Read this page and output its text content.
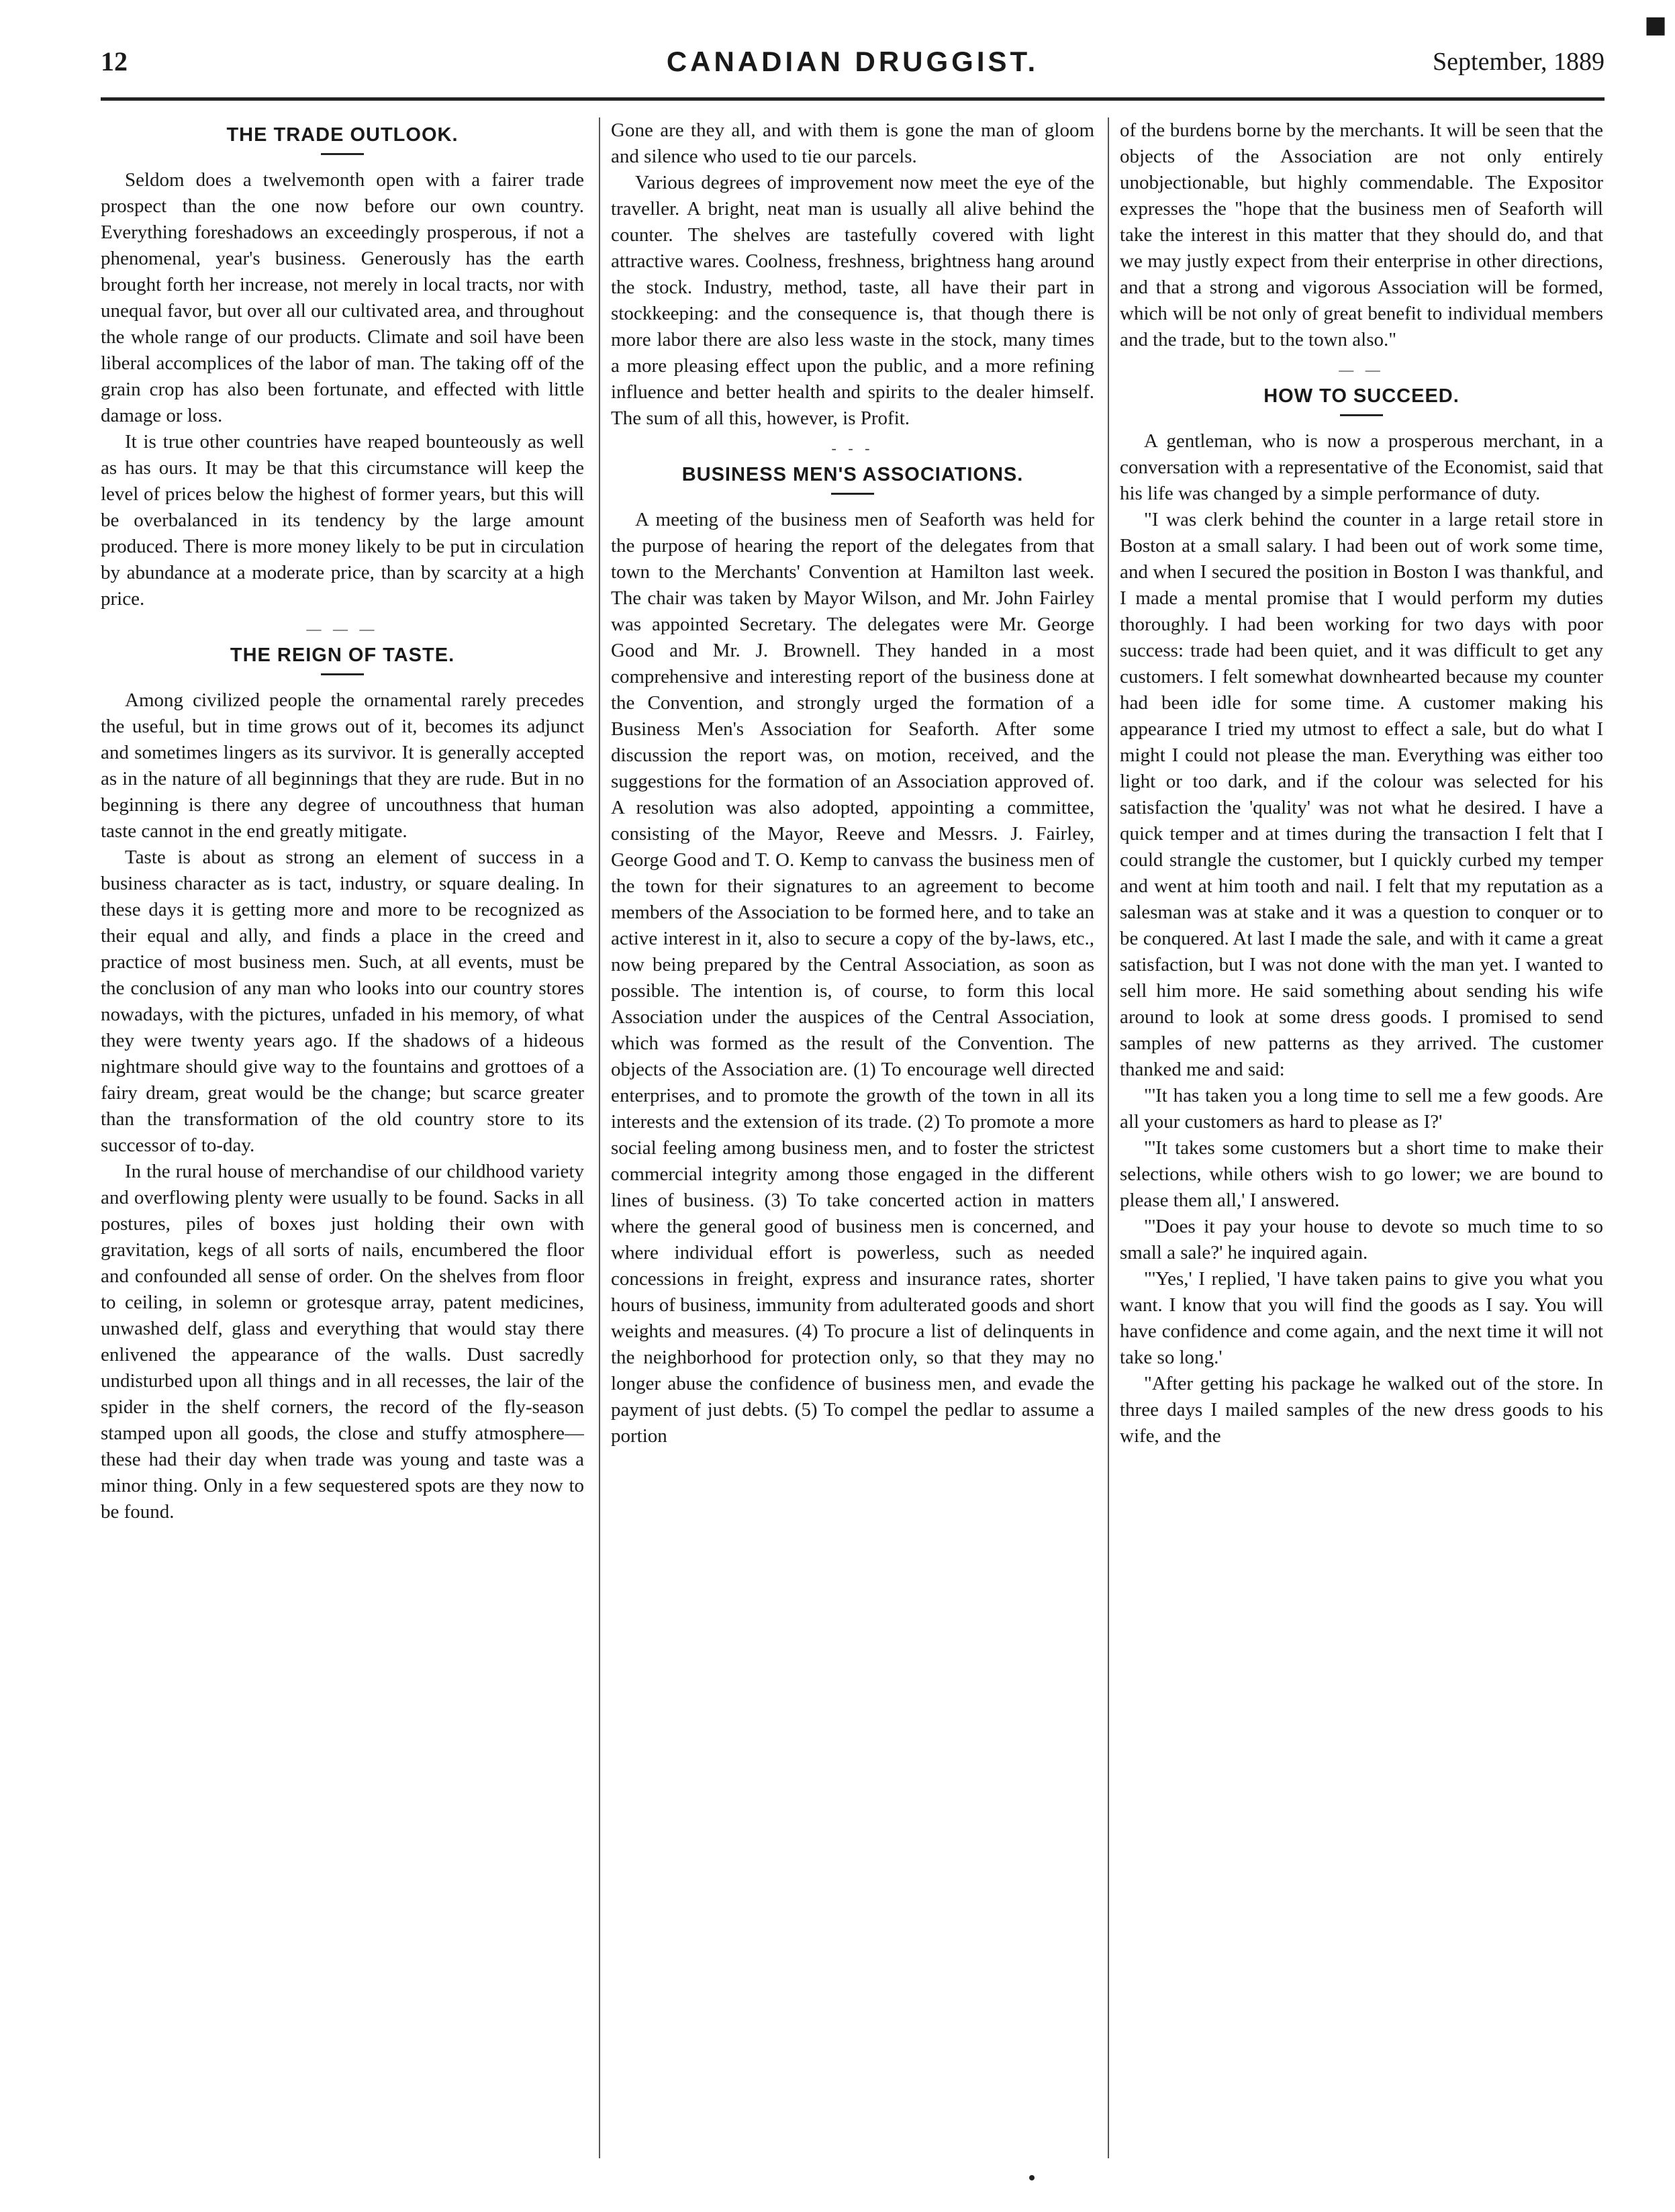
12	CANADIAN DRUGGIST.	September, 1889
■
THE TRADE OUTLOOK.

Seldom does a twelvemonth open with a fairer trade prospect than the one now before our own country. Everything foreshadows an exceedingly prosperous, if not a phenomenal, year's business. Generously has the earth brought forth her increase, not merely in local tracts, nor with unequal favor, but over all our cultivated area, and throughout the whole range of our products. Climate and soil have been liberal accomplices of the labor of man. The taking off of the grain crop has also been fortunate, and effected with little damage or loss.

It is true other countries have reaped bounteously as well as has ours. It may be that this circumstance will keep the level of prices below the highest of former years, but this will be overbalanced in its tendency by the large amount produced. There is more money likely to be put in circulation by abundance at a moderate price, than by scarcity at a high price.

— — —
THE REIGN OF TASTE.

Among civilized people the ornamental rarely precedes the useful, but in time grows out of it, becomes its adjunct and sometimes lingers as its survivor. It is generally accepted as in the nature of all beginnings that they are rude. But in no beginning is there any degree of uncouthness that human taste cannot in the end greatly mitigate.

Taste is about as strong an element of success in a business character as is tact, industry, or square dealing. In these days it is getting more and more to be recognized as their equal and ally, and finds a place in the creed and practice of most business men. Such, at all events, must be the conclusion of any man who looks into our country stores nowadays, with the pictures, unfaded in his memory, of what they were twenty years ago. If the shadows of a hideous nightmare should give way to the fountains and grottoes of a fairy dream, great would be the change; but scarce greater than the transformation of the old country store to its successor of to-day.

In the rural house of merchandise of our childhood variety and overflowing plenty were usually to be found. Sacks in all postures, piles of boxes just holding their own with gravitation, kegs of all sorts of nails, encumbered the floor and confounded all sense of order. On the shelves from floor to ceiling, in solemn or grotesque array, patent medicines, unwashed delf, glass and everything that would stay there enlivened the appearance of the walls. Dust sacredly undisturbed upon all things and in all recesses, the lair of the spider in the shelf corners, the record of the fly-season stamped upon all goods, the close and stuffy atmosphere—these had their day when trade was young and taste was a minor thing. Only in a few sequestered spots are they now to be found.

Gone are they all, and with them is gone the man of gloom and silence who used to tie our parcels.

Various degrees of improvement now meet the eye of the traveller. A bright, neat man is usually all alive behind the counter. The shelves are tastefully covered with light attractive wares. Coolness, freshness, brightness hang around the stock. Industry, method, taste, all have their part in stockkeeping: and the consequence is, that though there is more labor there are also less waste in the stock, many times a more pleasing effect upon the public, and a more refining influence and better health and spirits to the dealer himself. The sum of all this, however, is Profit.

- - -
BUSINESS MEN'S ASSOCIATIONS.

A meeting of the business men of Seaforth was held for the purpose of hearing the report of the delegates from that town to the Merchants' Convention at Hamilton last week. The chair was taken by Mayor Wilson, and Mr. John Fairley was appointed Secretary. The delegates were Mr. George Good and Mr. J. Brownell. They handed in a most comprehensive and interesting report of the business done at the Convention, and strongly urged the formation of a Business Men's Association for Seaforth. After some discussion the report was, on motion, received, and the suggestions for the formation of an Association approved of. A resolution was also adopted, appointing a committee, consisting of the Mayor, Reeve and Messrs. J. Fairley, George Good and T. O. Kemp to canvass the business men of the town for their signatures to an agreement to become members of the Association to be formed here, and to take an active interest in it, also to secure a copy of the by-laws, etc., now being prepared by the Central Association, as soon as possible. The intention is, of course, to form this local Association under the auspices of the Central Association, which was formed as the result of the Convention. The objects of the Association are. (1) To encourage well directed enterprises, and to promote the growth of the town in all its interests and the extension of its trade. (2) To promote a more social feeling among business men, and to foster the strictest commercial integrity among those engaged in the different lines of business. (3) To take concerted action in matters where the general good of business men is concerned, and where individual effort is powerless, such as needed concessions in freight, express and insurance rates, shorter hours of business, immunity from adulterated goods and short weights and measures. (4) To procure a list of delinquents in the neighborhood for protection only, so that they may no longer abuse the confidence of business men, and evade the payment of just debts. (5) To compel the pedlar to assume a portion

of the burdens borne by the merchants. It will be seen that the objects of the Association are not only entirely unobjectionable, but highly commendable. The Expositor expresses the "hope that the business men of Seaforth will take the interest in this matter that they should do, and that we may justly expect from their enterprise in other directions, and that a strong and vigorous Association will be formed, which will be not only of great benefit to individual members and the trade, but to the town also."

— —
HOW TO SUCCEED.

A gentleman, who is now a prosperous merchant, in a conversation with a representative of the Economist, said that his life was changed by a simple performance of duty.

"I was clerk behind the counter in a large retail store in Boston at a small salary. I had been out of work some time, and when I secured the position in Boston I was thankful, and I made a mental promise that I would perform my duties thoroughly. I had been working for two days with poor success: trade had been quiet, and it was difficult to get any customers. I felt somewhat downhearted because my counter had been idle for some time. A customer making his appearance I tried my utmost to effect a sale, but do what I might I could not please the man. Everything was either too light or too dark, and if the colour was selected for his satisfaction the 'quality' was not what he desired. I have a quick temper and at times during the transaction I felt that I could strangle the customer, but I quickly curbed my temper and went at him tooth and nail. I felt that my reputation as a salesman was at stake and it was a question to conquer or to be conquered. At last I made the sale, and with it came a great satisfaction, but I was not done with the man yet. I wanted to sell him more. He said something about sending his wife around to look at some dress goods. I promised to send samples of new patterns as they arrived. The customer thanked me and said:

"'It has taken you a long time to sell me a few goods. Are all your customers as hard to please as I?'

"'It takes some customers but a short time to make their selections, while others wish to go lower; we are bound to please them all,' I answered.

"'Does it pay your house to devote so much time to so small a sale?' he inquired again.

"'Yes,' I replied, 'I have taken pains to give you what you want. I know that you will find the goods as I say. You will have confidence and come again, and the next time it will not take so long.'

"After getting his package he walked out of the store. In three days I mailed samples of the new dress goods to his wife, and the
